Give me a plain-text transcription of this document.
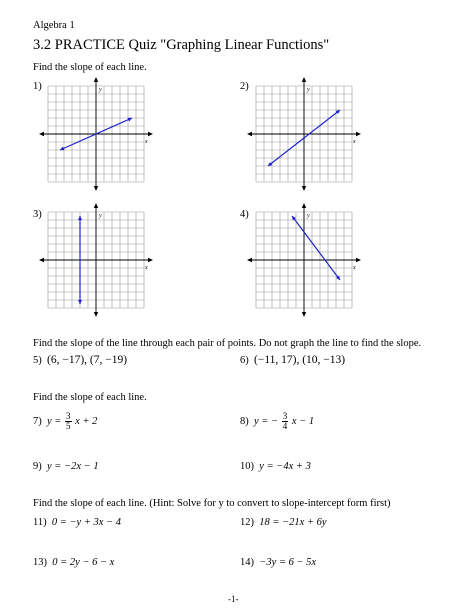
Algebra 1
3.2 PRACTICE Quiz "Graphing Linear Functions"
Find the slope of each line.
1)	2)
3)	4)
x
y
x
y
x
y
x
y
Find the slope of the line through each pair of points. Do not graph the line to find the slope.
5) (6, −17), (7, −19)	6) (−11, 17), (10, −13)
Find the slope of each line.
7) $y = \frac{3}{5}$ x + 2	8) y = − $\frac{3}{4}$ x − 1
9) y = −2x − 1	10) y = −4x + 3
Find the slope of each line. (Hint: Solve for y to convert to slope-intercept form first)
11) 0 = −y + 3x − 4	12) 18 = −21x + 6y
13) 0 = 2y − 6 − x	14) −3y = 6 − 5x
-1-
